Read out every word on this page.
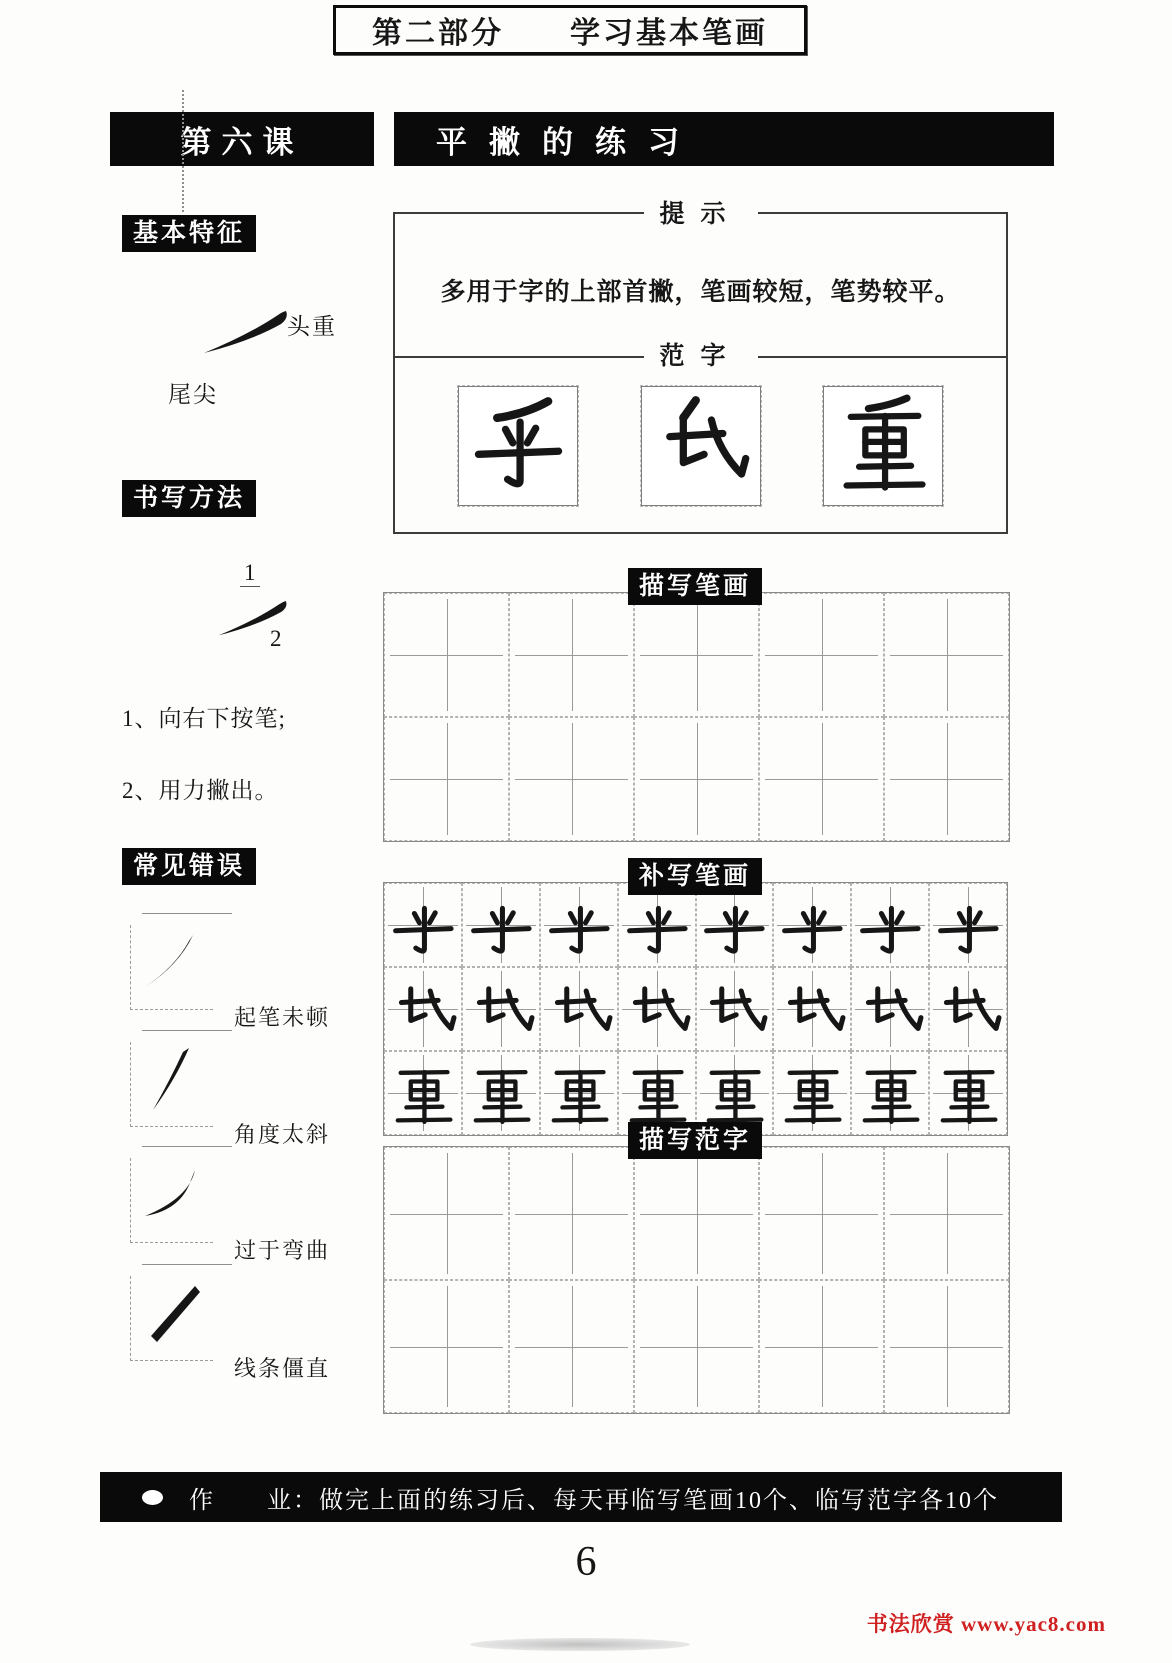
第二部分　　学习基本笔画
第六课	平撇的练习
基本特征
头重
尾尖
书写方法
1
2
1、向右下按笔;
2、用力撇出。
常见错误
起笔未顿
角度太斜
过于弯曲
线条僵直
提示
多用于字的上部首撇，笔画较短，笔势较平。
范字
描写笔画
补写笔画
描写范字
作　　业：做完上面的练习后、每天再临写笔画10个、临写范字各10个
6
书法欣赏 www.yac8.com
